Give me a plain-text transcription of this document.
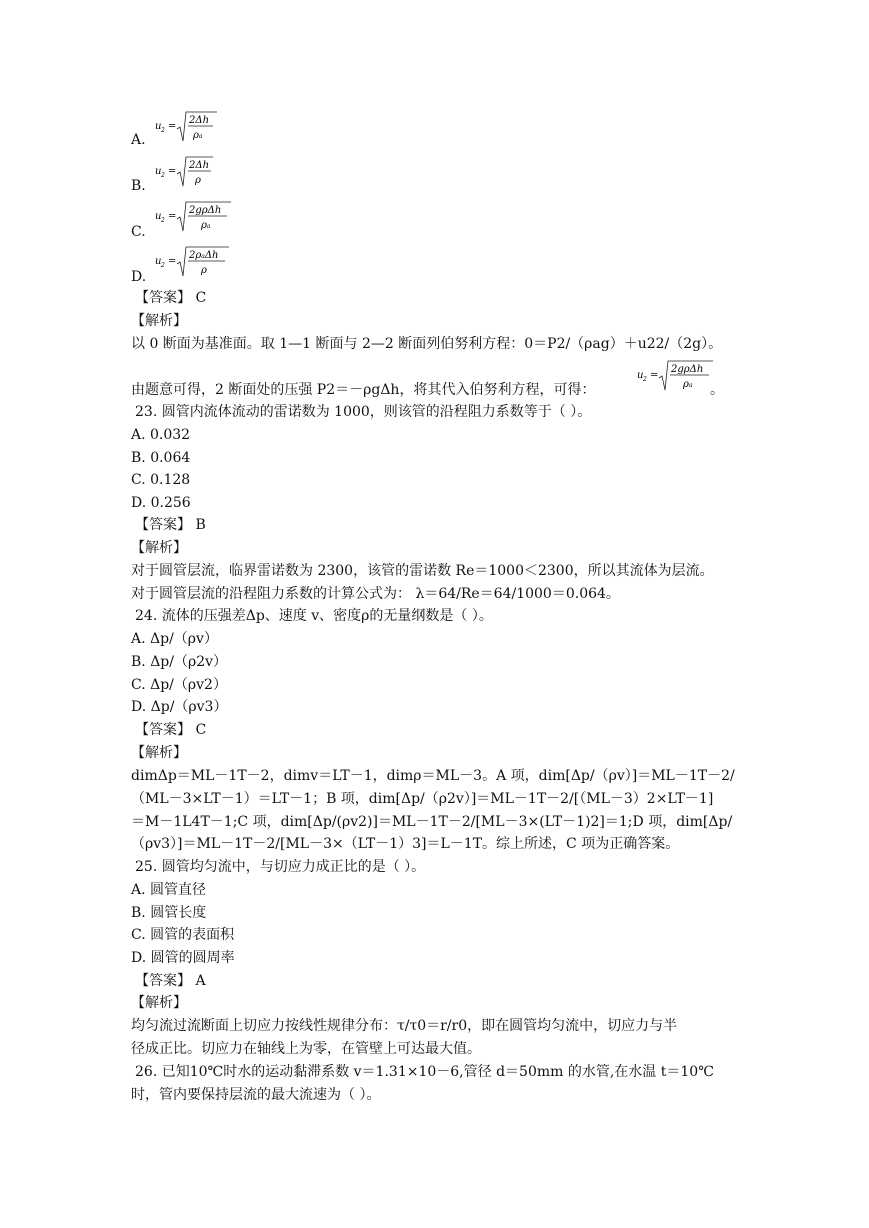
A.
u 2 =
2Δh
ρa
B.
u 2 =
2Δh
ρ
C.
u 2 =
2gρΔh
ρa
D.
u 2 =
2ρaΔh
ρ
【答案】 C
【解析】
以 0 断面为基准面。取 1—1 断面与 2—2 断面列伯努利方程：0＝P2/（ρag）＋u22/（2g）。
由题意可得，2 断面处的压强 P2＝－ρgΔh，将其代入伯努利方程，可得：
u 2 =
2gρΔh
ρa 。
23. 圆管内流体流动的雷诺数为 1000，则该管的沿程阻力系数等于（ ）。
A. 0.032
B. 0.064
C. 0.128
D. 0.256
【答案】 B
【解析】
对于圆管层流，临界雷诺数为 2300，该管的雷诺数 Re＝1000＜2300，所以其流体为层流。
对于圆管层流的沿程阻力系数的计算公式为： λ＝64/Re＝64/1000＝0.064。
24. 流体的压强差Δp、速度 v、密度ρ的无量纲数是（ ）。
A. Δp/（ρv）
B. Δp/（ρ2v）
C. Δp/（ρv2）
D. Δp/（ρv3）
【答案】 C
【解析】
dimΔp＝ML－1T－2，dimv＝LT－1，dimρ＝ML－3。A 项，dim[Δp/（ρv）]＝ML－1T－2/
（ML－3×LT－1）＝LT－1；B 项，dim[Δp/（ρ2v）]＝ML－1T－2/[（ML－3）2×LT－1]
＝M－1L4T－1;C 项，dim[Δp/(ρv2)]＝ML－1T－2/[ML－3×(LT－1)2]＝1;D 项，dim[Δp/
（ρv3）]＝ML－1T－2/[ML－3×（LT－1）3]＝L－1T。综上所述，C 项为正确答案。
25. 圆管均匀流中，与切应力成正比的是（ ）。
A. 圆管直径
B. 圆管长度
C. 圆管的表面积
D. 圆管的圆周率
【答案】 A
【解析】
均匀流过流断面上切应力按线性规律分布：τ/τ0＝r/r0，即在圆管均匀流中，切应力与半
径成正比。切应力在轴线上为零，在管壁上可达最大值。
26. 已知10℃时水的运动黏滞系数 v＝1.31×10－6,管径 d＝50mm 的水管,在水温 t＝10℃
时，管内要保持层流的最大流速为（ ）。
